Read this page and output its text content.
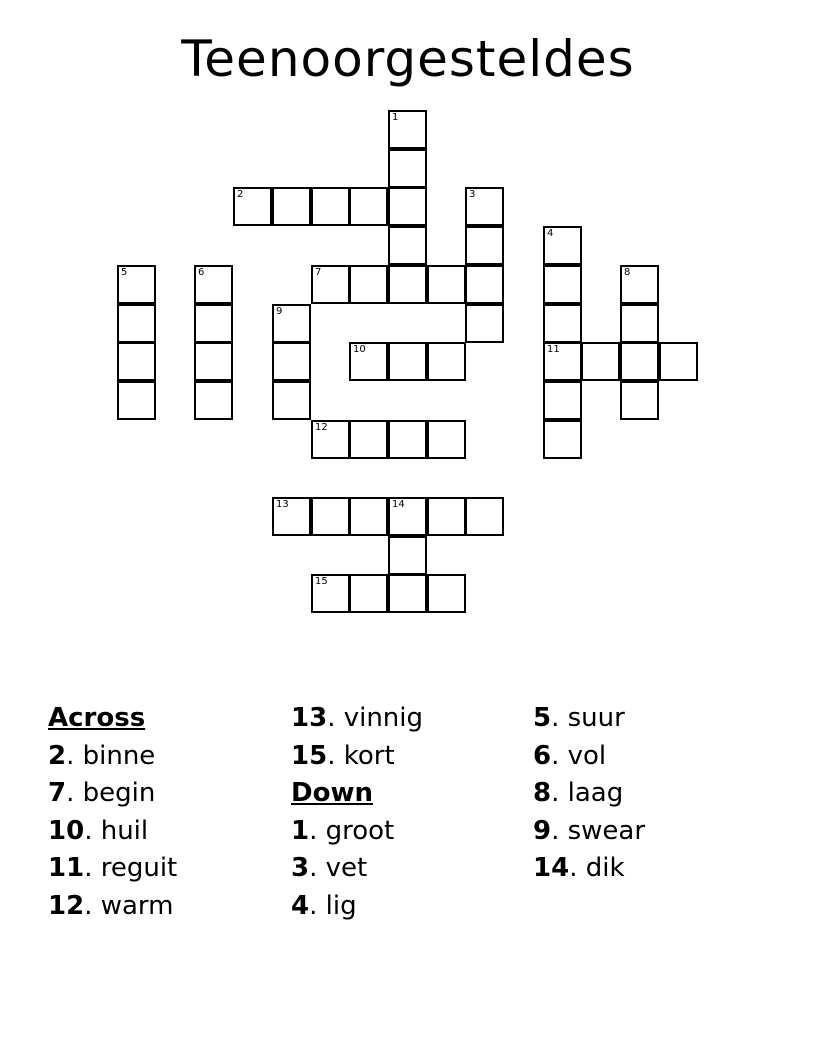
Teenoorgesteldes
1
2	3
4
5	6	7	8
9
10	11
12
13	14
15
Across
2. binne
7. begin
10. huil
11. reguit
12. warm
13. vinnig
15. kort
Down
1. groot
3. vet
4. lig
5. suur
6. vol
8. laag
9. swear
14. dik
